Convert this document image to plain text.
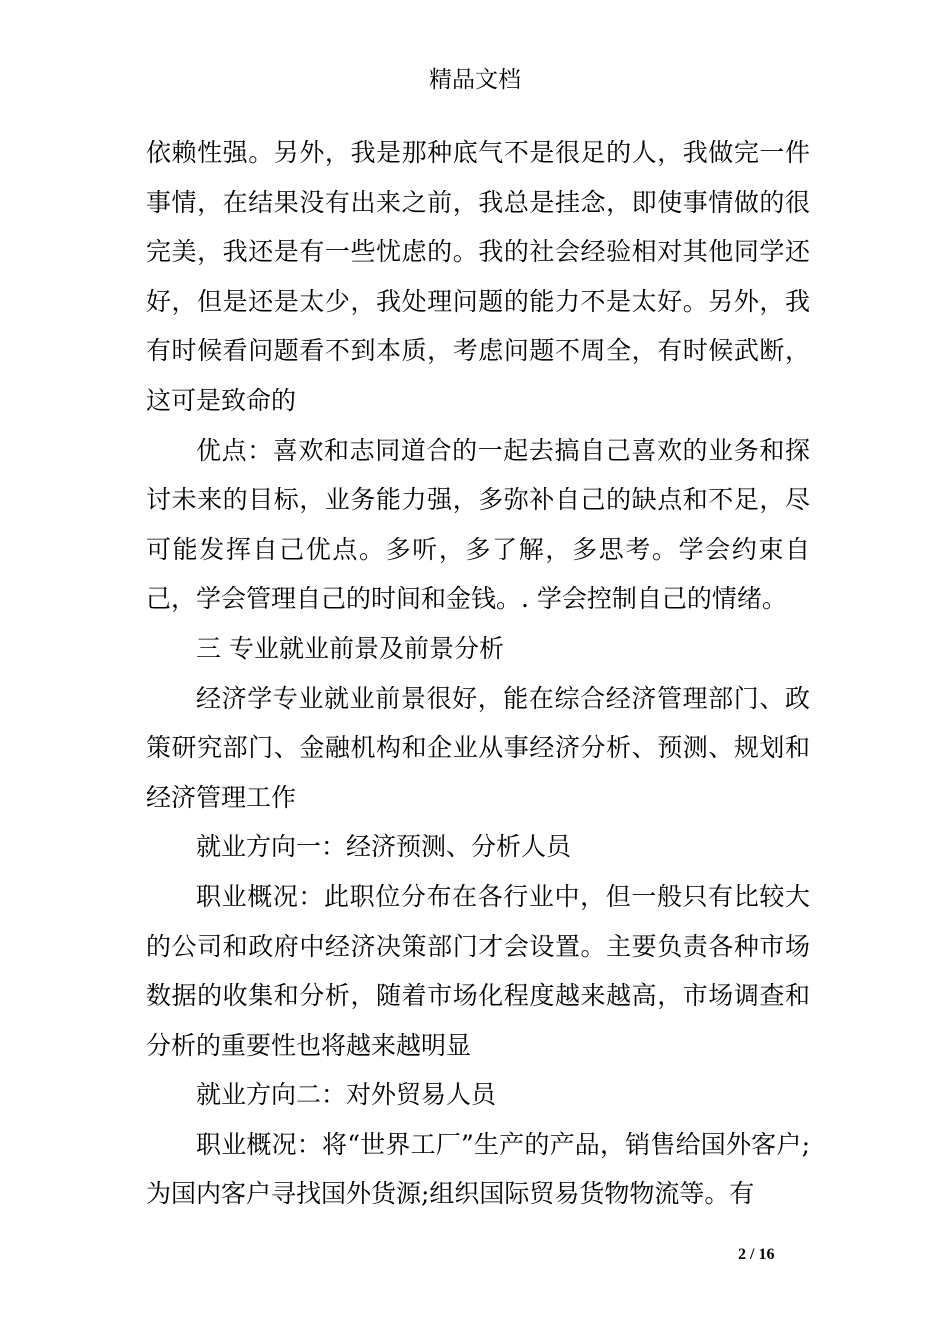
精品文档

依赖性强。另外，我是那种底气不是很足的人，我做完一件事情，在结果没有出来之前，我总是挂念，即使事情做的很完美，我还是有一些忧虑的。我的社会经验相对其他同学还好，但是还是太少，我处理问题的能力不是太好。另外，我有时候看问题看不到本质，考虑问题不周全，有时候武断，这可是致命的

优点：喜欢和志同道合的一起去搞自己喜欢的业务和探讨未来的目标，业务能力强，多弥补自己的缺点和不足，尽可能发挥自己优点。多听，多了解，多思考。学会约束自己，学会管理自己的时间和金钱。. 学会控制自己的情绪。

三 专业就业前景及前景分析

经济学专业就业前景很好，能在综合经济管理部门、政策研究部门、金融机构和企业从事经济分析、预测、规划和经济管理工作

就业方向一：经济预测、分析人员

职业概况：此职位分布在各行业中，但一般只有比较大的公司和政府中经济决策部门才会设置。主要负责各种市场数据的收集和分析，随着市场化程度越来越高，市场调查和分析的重要性也将越来越明显

就业方向二：对外贸易人员

职业概况：将“世界工厂”生产的产品，销售给国外客户;为国内客户寻找国外货源;组织国际贸易货物物流等。有

2 / 16
